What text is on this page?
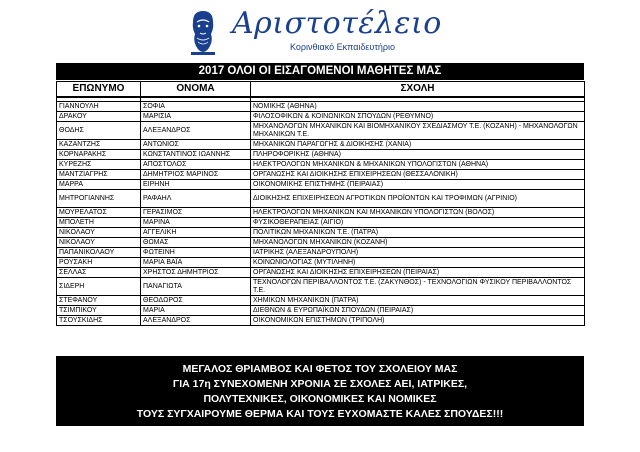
Αριστοτέλειο
Κορινθιακό Εκπαιδευτήριο
2017 ΟΛΟΙ ΟΙ ΕΙΣΑΓΟΜΕΝΟΙ ΜΑΘΗΤΕΣ ΜΑΣ
ΕΠΩΝΥΜΟ	ΟΝΟΜΑ	ΣΧΟΛΗ

ΓΙΑΝΝΟΥΛΗ	ΣΟΦΙΑ	ΝΟΜΙΚΗΣ (ΑΘΗΝΑ)
ΔΡΑΚΟΥ	ΜΑΡΙΣΙΑ	ΦΙΛΟΣΟΦΙΚΩΝ & ΚΟΙΝΩΝΙΚΩΝ ΣΠΟΥΔΩΝ (ΡΕΘΥΜΝΟ)
ΘΟΔΗΣ	ΑΛΕΞΑΝΔΡΟΣ	ΜΗΧΑΝΟΛΟΓΩΝ ΜΗΧΑΝΙΚΩΝ ΚΑΙ ΒΙΟΜΗΧΑΝΙΚΟΥ ΣΧΕΔΙΑΣΜΟΥ Τ.Ε. (ΚΟΖΑΝΗ) - ΜΗΧΑΝΟΛΟΓΩΝ ΜΗΧΑΝΙΚΩΝ Τ.Ε.
ΚΑΖΑΝΤΖΗΣ	ΑΝΤΩΝΙΟΣ	ΜΗΧΑΝΙΚΩΝ ΠΑΡΑΓΩΓΗΣ & ΔΙΟΙΚΗΣΗΣ (ΧΑΝΙΑ)
ΚΟΡΝΑΡΑΚΗΣ	ΚΩΝΣΤΑΝΤΙΝΟΣ ΙΩΑΝΝΗΣ	ΠΛΗΡΟΦΟΡΙΚΗΣ (ΑΘΗΝΑ)
ΚΥΡΕΖΗΣ	ΑΠΟΣΤΟΛΟΣ	ΗΛΕΚΤΡΟΛΟΓΩΝ ΜΗΧΑΝΙΚΩΝ & ΜΗΧΑΝΙΚΩΝ ΥΠΟΛΟΓΙΣΤΩΝ (ΑΘΗΝΑ)
ΜΑΝΤΖΙΑΓΡΗΣ	ΔΗΜΗΤΡΙΟΣ ΜΑΡΙΝΟΣ	ΟΡΓΑΝΩΣΗΣ ΚΑΙ ΔΙΟΙΚΗΣΗΣ ΕΠΙΧΕΙΡΗΣΕΩΝ (ΘΕΣΣΑΛΟΝΙΚΗ)
ΜΑΡΡΑ	ΕΙΡΗΝΗ	ΟΙΚΟΝΟΜΙΚΗΣ ΕΠΙΣΤΗΜΗΣ (ΠΕΙΡΑΙΑΣ)
ΜΗΤΡΟΓΙΑΝΝΗΣ	ΡΑΦΑΗΛ	ΔΙΟΙΚΗΣΗΣ ΕΠΙΧΕΙΡΗΣΕΩΝ ΑΓΡΟΤΙΚΩΝ ΠΡΟΪΟΝΤΩΝ ΚΑΙ ΤΡΟΦΙΜΩΝ (ΑΓΡΙΝΙΟ)
ΜΟΥΡΕΛΑΤΟΣ	ΓΕΡΑΣΙΜΟΣ	ΗΛΕΚΤΡΟΛΟΓΩΝ ΜΗΧΑΝΙΚΩΝ ΚΑΙ ΜΗΧΑΝΙΚΩΝ ΥΠΟΛΟΓΙΣΤΩΝ (ΒΟΛΟΣ)
ΜΠΟΛΕΤΗ	ΜΑΡΙΝΑ	ΦΥΣΙΚΟΘΕΡΑΠΕΙΑΣ (ΑΙΓΙΟ)
ΝΙΚΟΛΑΟΥ	ΑΓΓΕΛΙΚΗ	ΠΟΛΙΤΙΚΩΝ ΜΗΧΑΝΙΚΩΝ Τ.Ε. (ΠΑΤΡΑ)
ΝΙΚΟΛΑΟΥ	ΘΩΜΑΣ	ΜΗΧΑΝΟΛΟΓΩΝ ΜΗΧΑΝΙΚΩΝ (ΚΟΖΑΝΗ)
ΠΑΠΑΝΙΚΟΛΑΟΥ	ΦΩΤΕΙΝΗ	ΙΑΤΡΙΚΗΣ (ΑΛΕΞΑΝΔΡΟΥΠΟΛΗ)
ΡΟΥΣΑΚΗ	ΜΑΡΙΑ ΒΑΪΑ	ΚΟΙΝΩΝΙΟΛΟΓΙΑΣ (ΜΥΤΙΛΗΝΗ)
ΣΕΛΛΑΣ	ΧΡΗΣΤΟΣ ΔΗΜΗΤΡΙΟΣ	ΟΡΓΑΝΩΣΗΣ ΚΑΙ ΔΙΟΙΚΗΣΗΣ ΕΠΙΧΕΙΡΗΣΕΩΝ (ΠΕΙΡΑΙΑΣ)
ΣΙΔΕΡΗ	ΠΑΝΑΓΙΩΤΑ	ΤΕΧΝΟΛΟΓΩΝ ΠΕΡΙΒΑΛΛΟΝΤΟΣ Τ.Ε. (ΖΑΚΥΝΘΟΣ) - ΤΕΧΝΟΛΟΓΙΩΝ ΦΥΣΙΚΟΥ ΠΕΡΙΒΑΛΛΟΝΤΟΣ Τ.Ε.
ΣΤΕΦΑΝΟΥ	ΘΕΟΔΩΡΟΣ	ΧΗΜΙΚΩΝ ΜΗΧΑΝΙΚΩΝ (ΠΑΤΡΑ)
ΤΣΙΜΠΙΚΟΥ	ΜΑΡΙΑ	ΔΙΕΘΝΩΝ & ΕΥΡΩΠΑΪΚΩΝ ΣΠΟΥΔΩΝ (ΠΕΙΡΑΙΑΣ)
ΤΣΟΥΣΚΙΔΗΣ	ΑΛΕΞΑΝΔΡΟΣ	ΟΙΚΟΝΟΜΙΚΩΝ ΕΠΙΣΤΗΜΩΝ (ΤΡΙΠΟΛΗ)
ΜΕΓΑΛΟΣ ΘΡΙΑΜΒΟΣ ΚΑΙ ΦΕΤΟΣ ΤΟΥ ΣΧΟΛΕΙΟΥ ΜΑΣ
ΓΙΑ 17η ΣΥΝΕΧΟΜΕΝΗ ΧΡΟΝΙΑ ΣΕ ΣΧΟΛΕΣ ΑΕΙ, ΙΑΤΡΙΚΕΣ,
ΠΟΛΥΤΕΧΝΙΚΕΣ, ΟΙΚΟΝΟΜΙΚΕΣ ΚΑΙ ΝΟΜΙΚΕΣ
ΤΟΥΣ ΣΥΓΧΑΙΡΟΥΜΕ ΘΕΡΜΑ ΚΑΙ ΤΟΥΣ ΕΥΧΟΜΑΣΤΕ ΚΑΛΕΣ ΣΠΟΥΔΕΣ!!!
